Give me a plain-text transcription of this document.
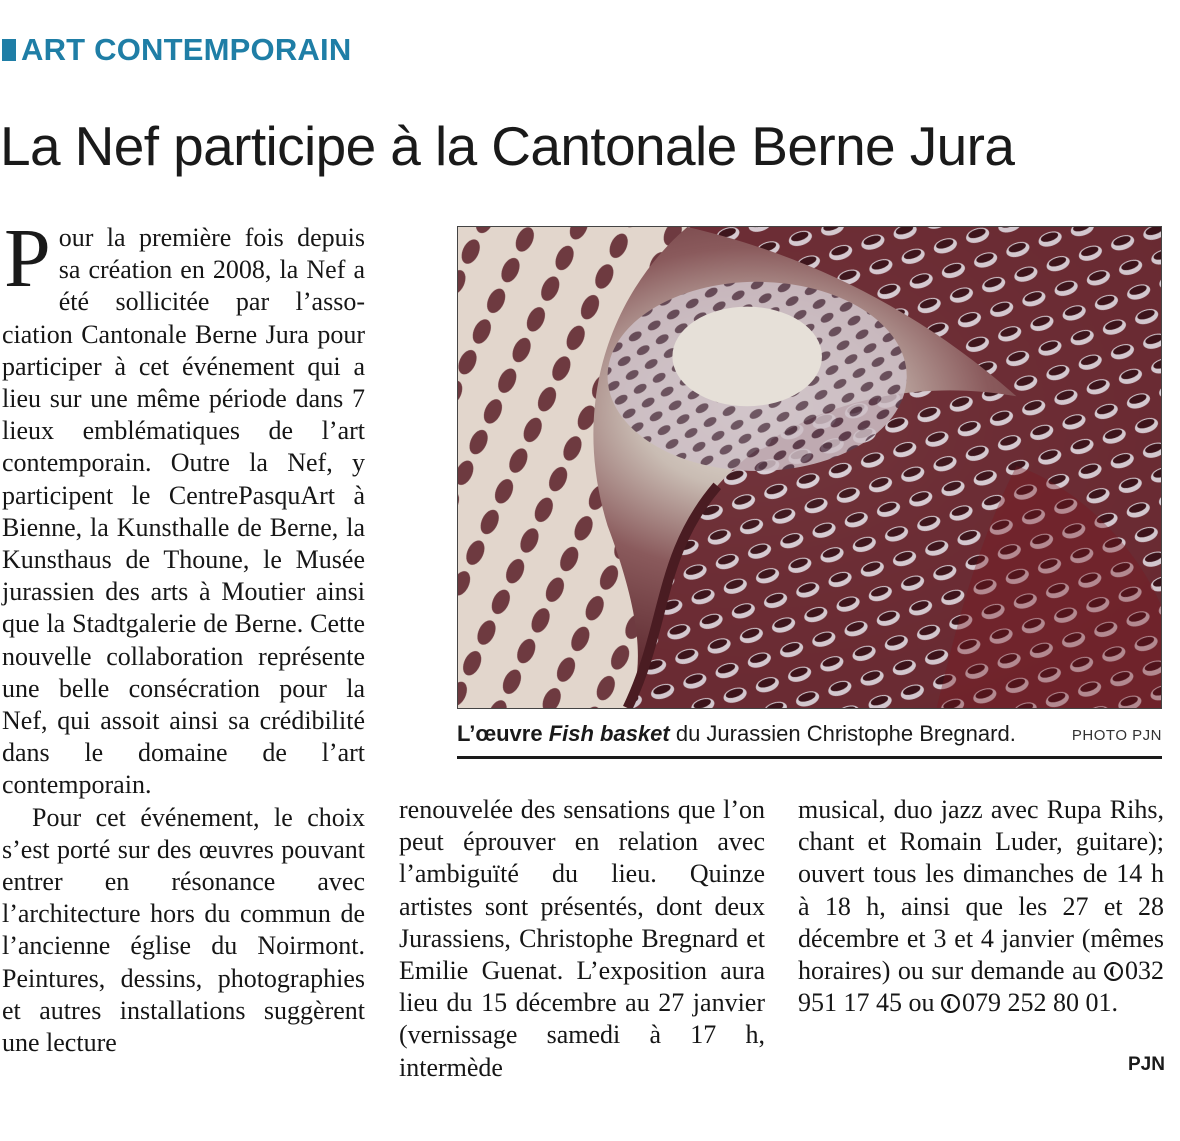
ART CONTEMPORAIN
La Nef participe à la Cantonale Berne Jura

Pour la première fois depuis sa création en 2008, la Nef a été sollicitée par l’association Cantonale Berne Jura pour participer à cet événement qui a lieu sur une même période dans 7 lieux emblématiques de l’art contemporain. Outre la Nef, y participent le CentrePasquArt à Bienne, la Kunsthalle de Berne, la Kunsthaus de Thoune, le Musée jurassien des arts à Moutier ainsi que la Stadtgalerie de Berne. Cette nouvelle collaboration représente une belle consécration pour la Nef, qui assoit ainsi sa crédibilité dans le domaine de l’art contemporain.

Pour cet événement, le choix s’est porté sur des œuvres pouvant entrer en résonance avec l’architecture hors du commun de l’ancienne église du Noirmont. Peintures, dessins, photographies et autres installations suggèrent une lecture

L’œuvre Fish basket du Jurassien Christophe Bregnard.	PHOTO PJN

renouvelée des sensations que l’on peut éprouver en relation avec l’ambiguïté du lieu. Quinze artistes sont présentés, dont deux Jurassiens, Christophe Bregnard et Emilie Guenat. L’exposition aura lieu du 15 décembre au 27 janvier (vernissage samedi à 17 h, intermède

musical, duo jazz avec Rupa Rihs, chant et Romain Luder, guitare); ouvert tous les dimanches de 14 h à 18 h, ainsi que les 27 et 28 décembre et 3 et 4 janvier (mêmes horaires) ou sur demande au 032 951 17 45 ou 079 252 80 01.

PJN
